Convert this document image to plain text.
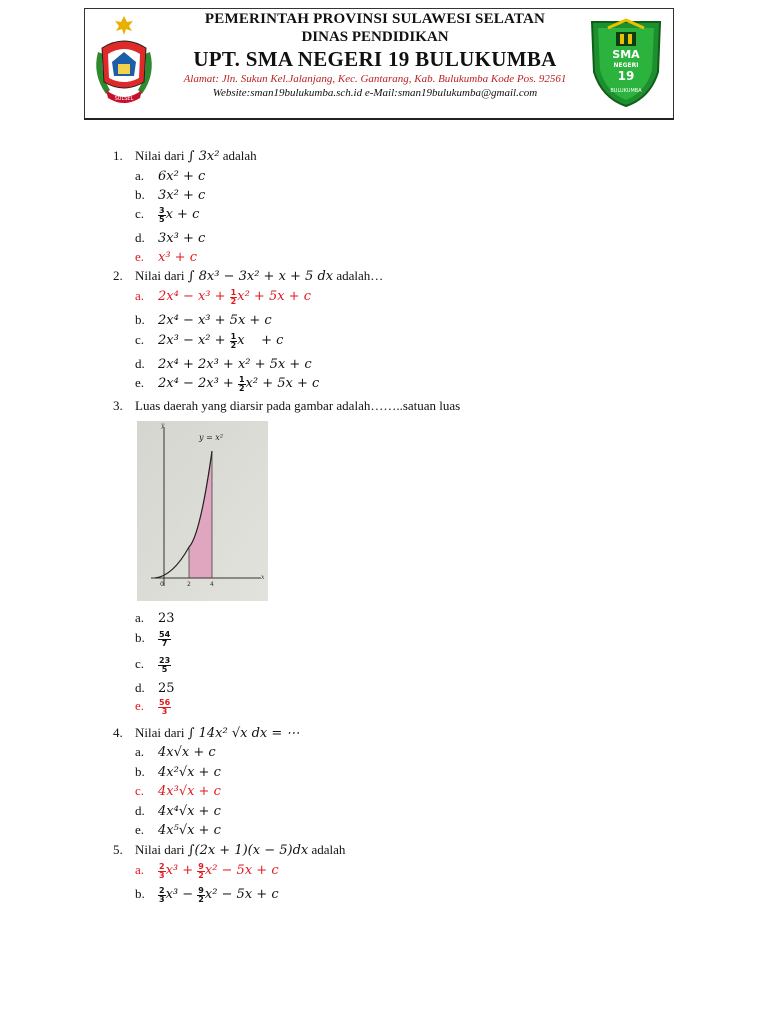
SULSEL
PEMERINTAH PROVINSI SULAWESI SELATAN
DINAS PENDIDIKAN
UPT. SMA NEGERI 19 BULUKUMBA
Alamat: Jln. Sukun Kel.Jalanjang, Kec. Gantarang, Kab. Bulukumba Kode Pos. 92561
Website:sman19bulukumba.sch.id e-Mail:sman19bulukumba@gmail.com
SMA
NEGERI
19
BULUKUMBA
1. Nilai dari ∫ 3x² adalah
a. 6x² + c
b. 3x² + c
c. $\frac{3}{5}$ x + c
d. 3x³ + c
e. x³ + c
2. Nilai dari ∫ 8x³ − 3x² + x + 5 dx adalah…
a. $2x^4 - x^3 + \frac{1}{2} x^2 + 5x + c$
b. 2x⁴ − x³ + 5x + c
c. $2x^3 - x^2 + \frac{1}{2}$ x    + c
d. 2x⁴ + 2x³ + x² + 5x + c
e. $2x^4 - 2x^3 + \frac{1}{2} x^2 + 5x + c$
3. Luas daerah yang diarsir pada gambar adalah……..satuan luas
y = x²
y
x
0	2	4
a. 23
b. $\frac{54}{7}$
c. $\frac{23}{5}$
d. 25
e. $\frac{56}{3}$
4. Nilai dari ∫ 14x² √x dx = ⋯
a. 4x√x + c
b. 4x²√x + c
c. 4x³√x + c
d. 4x⁴√x + c
e. 4x⁵√x + c
5. Nilai dari ∫(2x + 1)(x − 5)dx adalah
a. $\frac{2}{3} x^3 + \frac{9}{2} x^2 - 5x + c$
b. $\frac{2}{3} x^3 - \frac{9}{2} x^2 - 5x + c$
